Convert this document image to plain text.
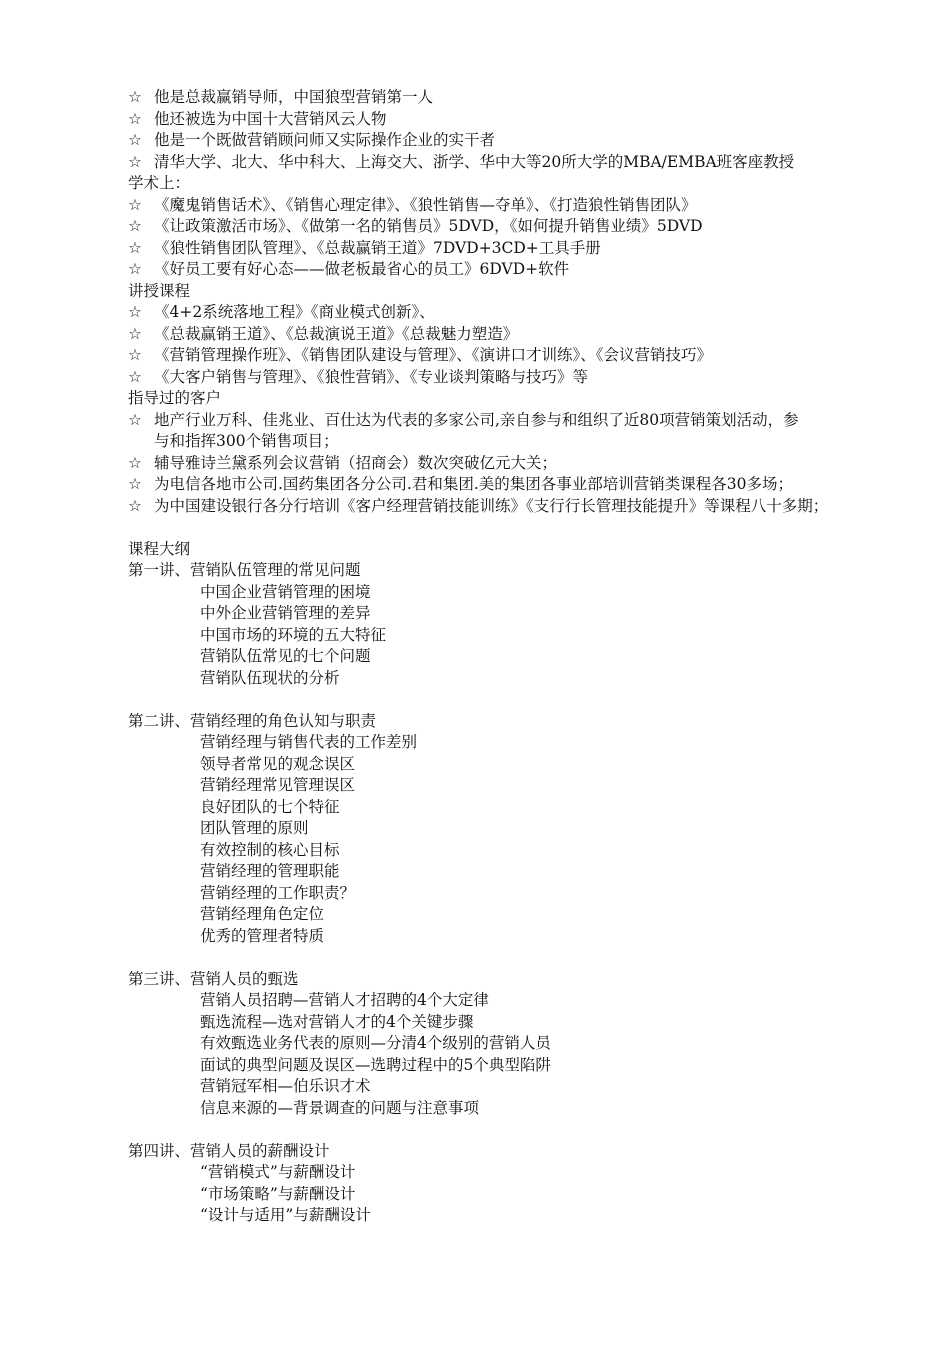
☆ 他是总裁赢销导师，中国狼型营销第一人
☆ 他还被选为中国十大营销风云人物
☆ 他是一个既做营销顾问师又实际操作企业的实干者
☆ 清华大学、北大、华中科大、上海交大、浙学、华中大等20所大学的MBA/EMBA班客座教授
学术上：
☆ 《魔鬼销售话术》、《销售心理定律》、《狼性销售—夺单》、《打造狼性销售团队》
☆ 《让政策激活市场》、《做第一名的销售员》5DVD，《如何提升销售业绩》5DVD
☆ 《狼性销售团队管理》、《总裁赢销王道》7DVD+3CD+工具手册
☆ 《好员工要有好心态——做老板最省心的员工》6DVD+软件
讲授课程
☆ 《4+2系统落地工程》《商业模式创新》、
☆ 《总裁赢销王道》、《总裁演说王道》《总裁魅力塑造》
☆ 《营销管理操作班》、《销售团队建设与管理》、《演讲口才训练》、《会议营销技巧》
☆ 《大客户销售与管理》、《狼性营销》、《专业谈判策略与技巧》等
指导过的客户
☆ 地产行业万科、佳兆业、百仕达为代表的多家公司,亲自参与和组织了近80项营销策划活动，参
与和指挥300个销售项目；
☆ 辅导雅诗兰黛系列会议营销（招商会）数次突破亿元大关；
☆ 为电信各地市公司.国药集团各分公司.君和集团.美的集团各事业部培训营销类课程各30多场；
☆ 为中国建设银行各分行培训《客户经理营销技能训练》《支行行长管理技能提升》等课程八十多期；
课程大纲
第一讲、营销队伍管理的常见问题
中国企业营销管理的困境
中外企业营销管理的差异
中国市场的环境的五大特征
营销队伍常见的七个问题
营销队伍现状的分析
第二讲、营销经理的角色认知与职责
营销经理与销售代表的工作差别
领导者常见的观念误区
营销经理常见管理误区
良好团队的七个特征
团队管理的原则
有效控制的核心目标
营销经理的管理职能
营销经理的工作职责？
营销经理角色定位
优秀的管理者特质
第三讲、营销人员的甄选
营销人员招聘—营销人才招聘的4个大定律
甄选流程—选对营销人才的4个关键步骤
有效甄选业务代表的原则—分清4个级别的营销人员
面试的典型问题及误区—选聘过程中的5个典型陷阱
营销冠军相—伯乐识才术
信息来源的—背景调查的问题与注意事项
第四讲、营销人员的薪酬设计
“营销模式”与薪酬设计
“市场策略”与薪酬设计
“设计与适用”与薪酬设计
